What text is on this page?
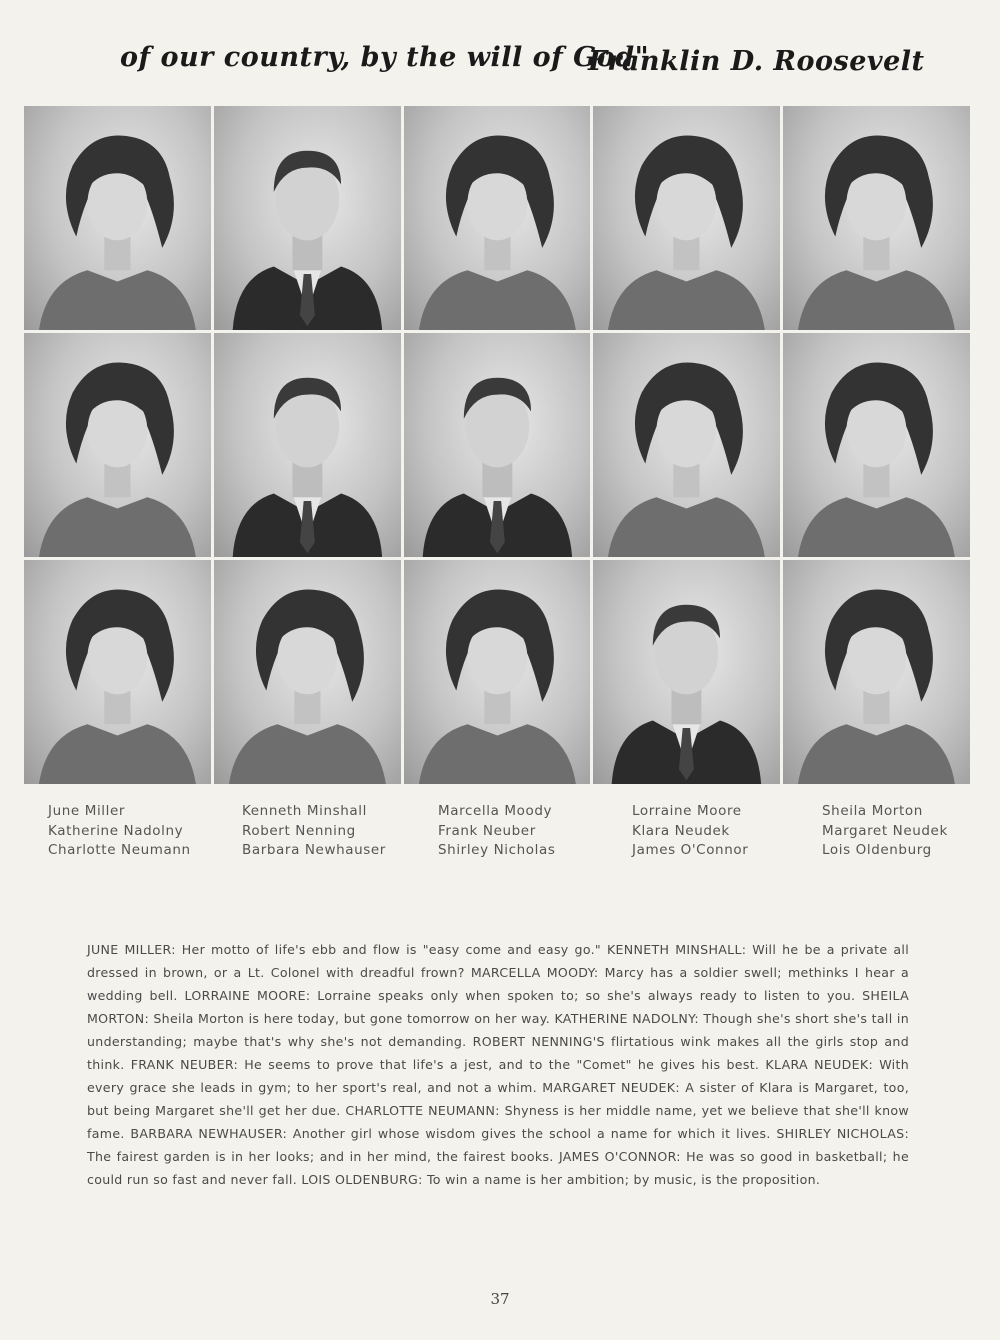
of our country, by the will of God"
Franklin D. Roosevelt
June Miller
Katherine Nadolny
Charlotte Neumann
Kenneth Minshall
Robert Nenning
Barbara Newhauser
Marcella Moody
Frank Neuber
Shirley Nicholas
Lorraine Moore
Klara Neudek
James O'Connor
Sheila Morton
Margaret Neudek
Lois Oldenburg
JUNE MILLER: Her motto of life's ebb and flow is "easy come and easy go." KENNETH MINSHALL: Will he be a private all dressed in brown, or a Lt. Colonel with dreadful frown? MARCELLA MOODY: Marcy has a soldier swell; methinks I hear a wedding bell. LORRAINE MOORE: Lorraine speaks only when spoken to; so she's always ready to listen to you. SHEILA MORTON: Sheila Morton is here today, but gone tomorrow on her way. KATHERINE NADOLNY: Though she's short she's tall in understanding; maybe that's why she's not demanding. ROBERT NENNING'S flirtatious wink makes all the girls stop and think. FRANK NEUBER: He seems to prove that life's a jest, and to the "Comet" he gives his best. KLARA NEUDEK: With every grace she leads in gym; to her sport's real, and not a whim. MARGARET NEUDEK: A sister of Klara is Margaret, too, but being Margaret she'll get her due. CHARLOTTE NEUMANN: Shyness is her middle name, yet we believe that she'll know fame. BARBARA NEWHAUSER: Another girl whose wisdom gives the school a name for which it lives. SHIRLEY NICHOLAS: The fairest garden is in her looks; and in her mind, the fairest books. JAMES O'CONNOR: He was so good in basketball; he could run so fast and never fall. LOIS OLDENBURG: To win a name is her ambition; by music, is the proposition.
37
